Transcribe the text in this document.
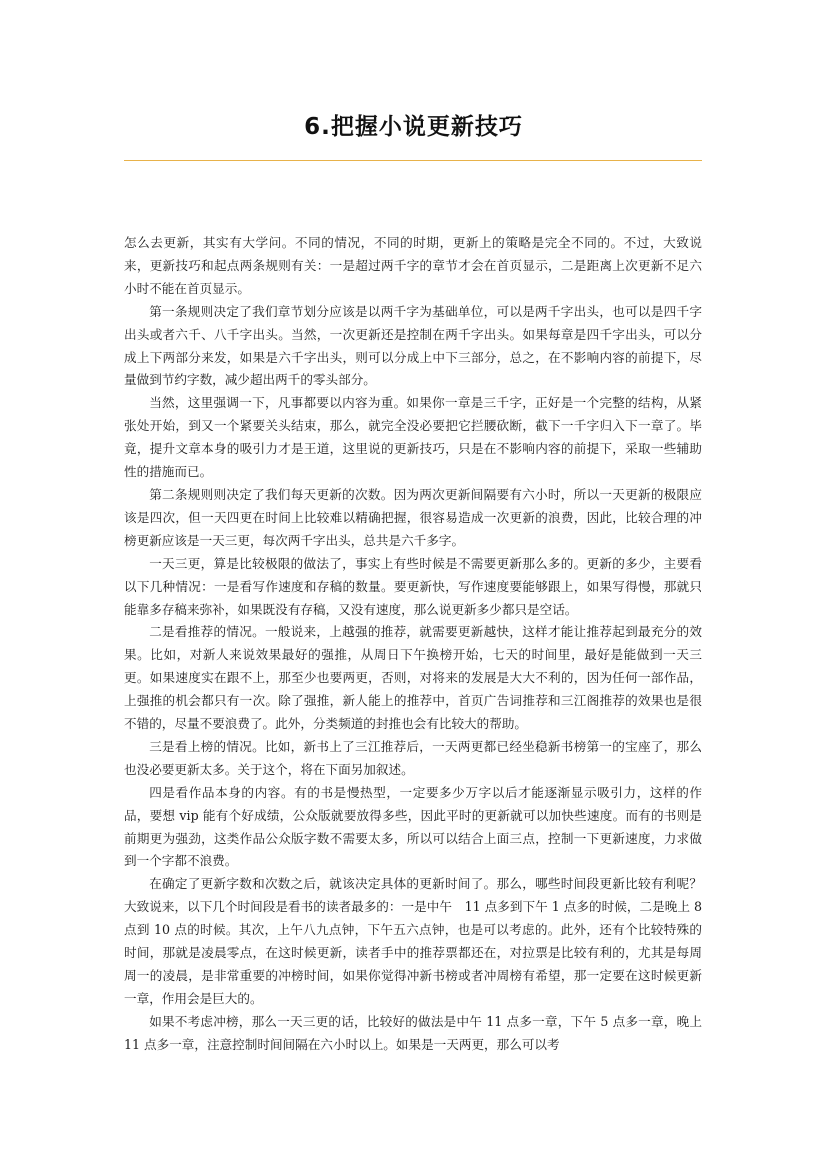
6.把握小说更新技巧

怎么去更新，其实有大学问。不同的情况，不同的时期，更新上的策略是完全不同的。不过，大致说来，更新技巧和起点两条规则有关：一是超过两千字的章节才会在首页显示，二是距离上次更新不足六小时不能在首页显示。

第一条规则决定了我们章节划分应该是以两千字为基础单位，可以是两千字出头，也可以是四千字出头或者六千、八千字出头。当然，一次更新还是控制在两千字出头。如果每章是四千字出头，可以分成上下两部分来发，如果是六千字出头，则可以分成上中下三部分，总之，在不影响内容的前提下，尽量做到节约字数，减少超出两千的零头部分。

当然，这里强调一下，凡事都要以内容为重。如果你一章是三千字，正好是一个完整的结构，从紧张处开始，到又一个紧要关头结束，那么，就完全没必要把它拦腰砍断，截下一千字归入下一章了。毕竟，提升文章本身的吸引力才是王道，这里说的更新技巧，只是在不影响内容的前提下，采取一些辅助性的措施而已。

第二条规则则决定了我们每天更新的次数。因为两次更新间隔要有六小时，所以一天更新的极限应该是四次，但一天四更在时间上比较难以精确把握，很容易造成一次更新的浪费，因此，比较合理的冲榜更新应该是一天三更，每次两千字出头，总共是六千多字。

一天三更，算是比较极限的做法了，事实上有些时候是不需要更新那么多的。更新的多少，主要看以下几种情况：一是看写作速度和存稿的数量。要更新快，写作速度要能够跟上，如果写得慢，那就只能靠多存稿来弥补，如果既没有存稿，又没有速度，那么说更新多少都只是空话。

二是看推荐的情况。一般说来，上越强的推荐，就需要更新越快，这样才能让推荐起到最充分的效果。比如，对新人来说效果最好的强推，从周日下午换榜开始，七天的时间里，最好是能做到一天三更。如果速度实在跟不上，那至少也要两更，否则，对将来的发展是大大不利的，因为任何一部作品，上强推的机会都只有一次。除了强推，新人能上的推荐中，首页广告词推荐和三江阁推荐的效果也是很不错的，尽量不要浪费了。此外，分类频道的封推也会有比较大的帮助。

三是看上榜的情况。比如，新书上了三江推荐后，一天两更都已经坐稳新书榜第一的宝座了，那么也没必要更新太多。关于这个，将在下面另加叙述。

四是看作品本身的内容。有的书是慢热型，一定要多少万字以后才能逐渐显示吸引力，这样的作品，要想 vip 能有个好成绩，公众版就要放得多些，因此平时的更新就可以加快些速度。而有的书则是前期更为强劲，这类作品公众版字数不需要太多，所以可以结合上面三点，控制一下更新速度，力求做到一个字都不浪费。

在确定了更新字数和次数之后，就该决定具体的更新时间了。那么，哪些时间段更新比较有利呢？大致说来，以下几个时间段是看书的读者最多的：一是中午　11 点多到下午 1 点多的时候，二是晚上 8 点到 10 点的时候。其次，上午八九点钟，下午五六点钟，也是可以考虑的。此外，还有个比较特殊的时间，那就是凌晨零点，在这时候更新，读者手中的推荐票都还在，对拉票是比较有利的，尤其是每周周一的凌晨，是非常重要的冲榜时间，如果你觉得冲新书榜或者冲周榜有希望，那一定要在这时候更新一章，作用会是巨大的。

如果不考虑冲榜，那么一天三更的话，比较好的做法是中午 11 点多一章，下午 5 点多一章，晚上 11 点多一章，注意控制时间间隔在六小时以上。如果是一天两更，那么可以考
